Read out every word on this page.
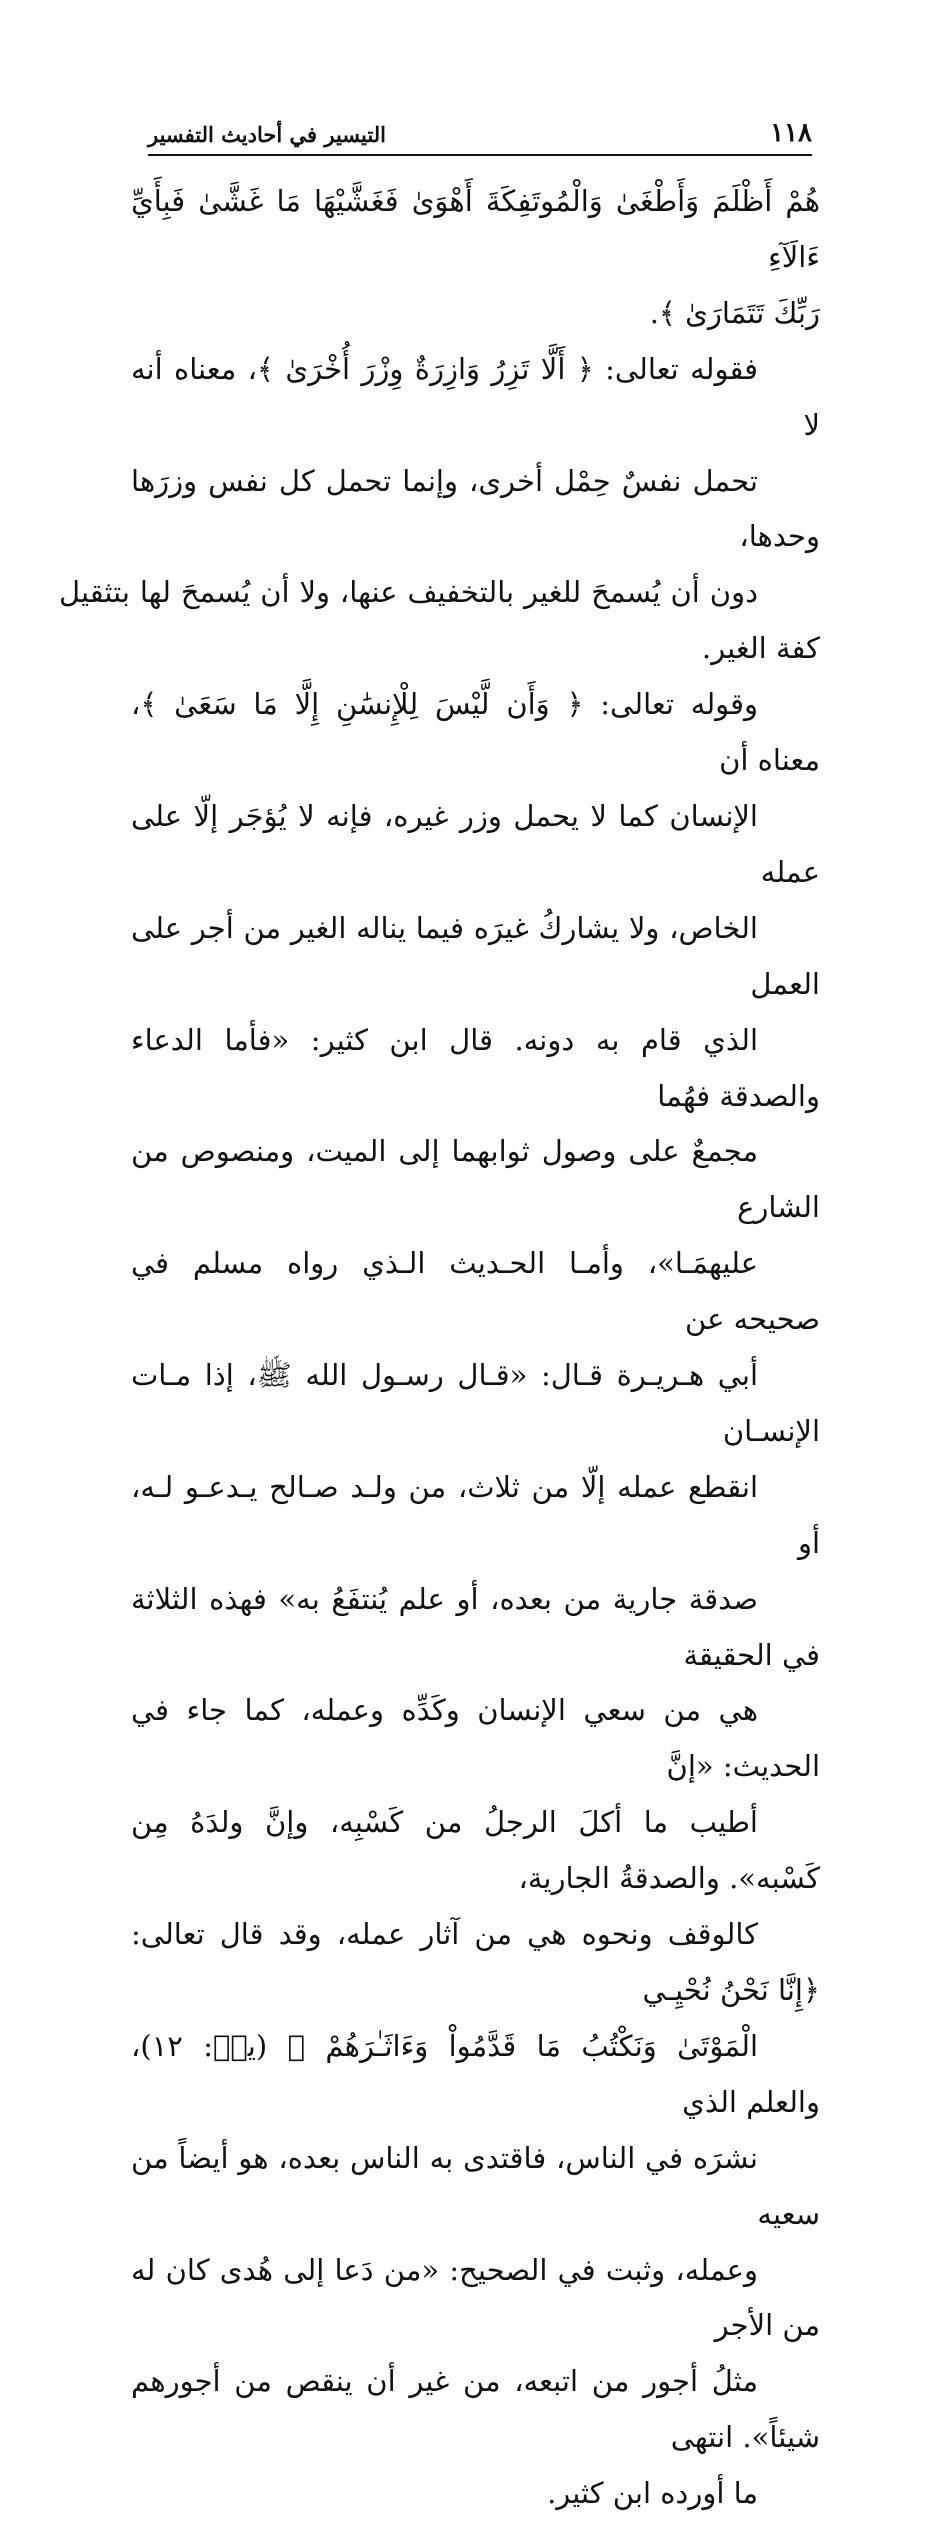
١١٨
التيسير في أحاديث التفسير

هُمْ أَظْلَمَ وَأَطْغَىٰ وَالْمُوتَفِكَةَ أَهْوَىٰ فَغَشَّيْهَا مَا غَشَّىٰ فَبِأَيِّ ءَالَآءِ
رَبِّكَ تَتَمَارَىٰ ﴾.

فقوله تعالى: ﴿ أَلَّا تَزِرُ وَازِرَةٌ وِزْرَ أُخْرَىٰ ﴾، معناه أنه لا
تحمل نفسٌ حِمْل أخرى، وإنما تحمل كل نفس وزرَها وحدها،
دون أن يُسمحَ للغير بالتخفيف عنها، ولا أن يُسمحَ لها بتثقيل كفة الغير.

وقوله تعالى: ﴿ وَأَن لَّيْسَ لِلْإِنسَٰنِ إِلَّا مَا سَعَىٰ ﴾، معناه أن
الإنسان كما لا يحمل وزر غيره، فإنه لا يُؤجَر إلّا على عمله
الخاص، ولا يشاركُ غيرَه فيما يناله الغير من أجر على العمل
الذي قام به دونه. قال ابن كثير: «فأما الدعاء والصدقة فهُما
مجمعٌ على وصول ثوابهما إلى الميت، ومنصوص من الشارع
عليهمَـا»، وأمـا الحـديث الـذي رواه مسلم في صحيحه عن
أبي هـريـرة قـال: «قـال رسـول الله ﷺ، إذا مـات الإنسـان
انقطع عمله إلّا من ثلاث، من ولـد صـالح يـدعـو لـه، أو
صدقة جارية من بعده، أو علم يُنتفَعُ به» فهذه الثلاثة في الحقيقة
هي من سعي الإنسان وكَدِّه وعمله، كما جاء في الحديث: «إنَّ
أطيب ما أكلَ الرجلُ من كَسْبِه، وإنَّ ولدَهُ مِن كَسْبه». والصدقةُ الجارية،
كالوقف ونحوه هي من آثار عمله، وقد قال تعالى: ﴿إِنَّا نَحْنُ نُحْيِـي
الْمَوْتَىٰ وَنَكْتُبُ مَا قَدَّمُواْ وَءَاثَـٰرَهُمْ ﴾ (يسۤ: ١٢)، والعلم الذي
نشرَه في الناس، فاقتدى به الناس بعده، هو أيضاً من سعيه
وعمله، وثبت في الصحيح: «من دَعا إلى هُدى كان له من الأجر
مثلُ أجور من اتبعه، من غير أن ينقص من أجورهم شيئاً». انتهى
ما أورده ابن كثير.
